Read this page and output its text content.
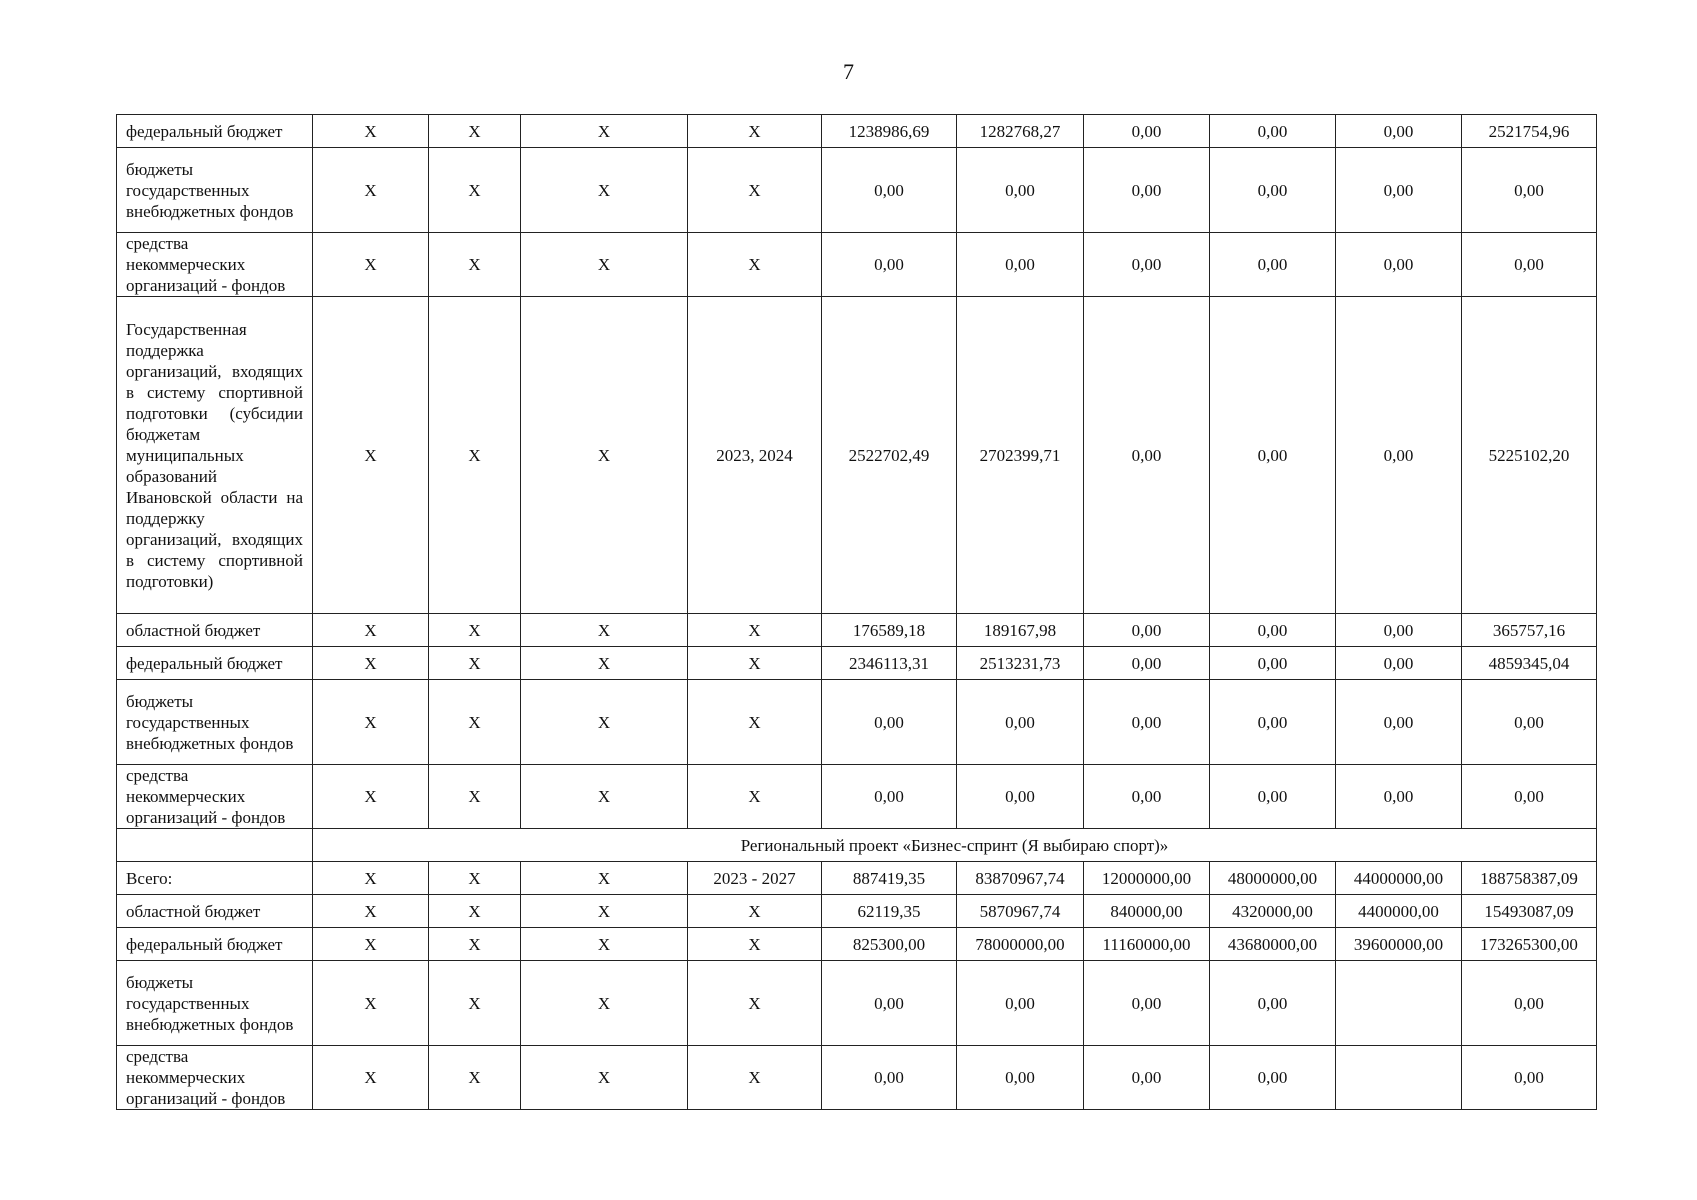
7
федеральный бюджет	Х	Х	Х	Х	1238986,69	1282768,27	0,00	0,00	0,00	2521754,96
бюджеты государственных внебюджетных фондов	Х	Х	Х	Х	0,00	0,00	0,00	0,00	0,00	0,00
средства некоммерческих организаций - фондов	Х	Х	Х	Х	0,00	0,00	0,00	0,00	0,00	0,00
Государственная поддержка организаций, входящих в систему спортивной подготовки (субсидии бюджетам муниципальных образований Ивановской области на поддержку организаций, входящих в систему спортивной подготовки)	Х	Х	Х	2023, 2024	2522702,49	2702399,71	0,00	0,00	0,00	5225102,20
областной бюджет	Х	Х	Х	Х	176589,18	189167,98	0,00	0,00	0,00	365757,16
федеральный бюджет	Х	Х	Х	Х	2346113,31	2513231,73	0,00	0,00	0,00	4859345,04
бюджеты государственных внебюджетных фондов	Х	Х	Х	Х	0,00	0,00	0,00	0,00	0,00	0,00
средства некоммерческих организаций - фондов	Х	Х	Х	Х	0,00	0,00	0,00	0,00	0,00	0,00
	Региональный проект «Бизнес-спринт (Я выбираю спорт)»									
Всего:	Х	Х	Х	2023 - 2027	887419,35	83870967,74	12000000,00	48000000,00	44000000,00	188758387,09
областной бюджет	Х	Х	Х	Х	62119,35	5870967,74	840000,00	4320000,00	4400000,00	15493087,09
федеральный бюджет	Х	Х	Х	Х	825300,00	78000000,00	11160000,00	43680000,00	39600000,00	173265300,00
бюджеты государственных внебюджетных фондов	Х	Х	Х	Х	0,00	0,00	0,00	0,00		0,00
средства некоммерческих организаций - фондов	Х	Х	Х	Х	0,00	0,00	0,00	0,00		0,00
